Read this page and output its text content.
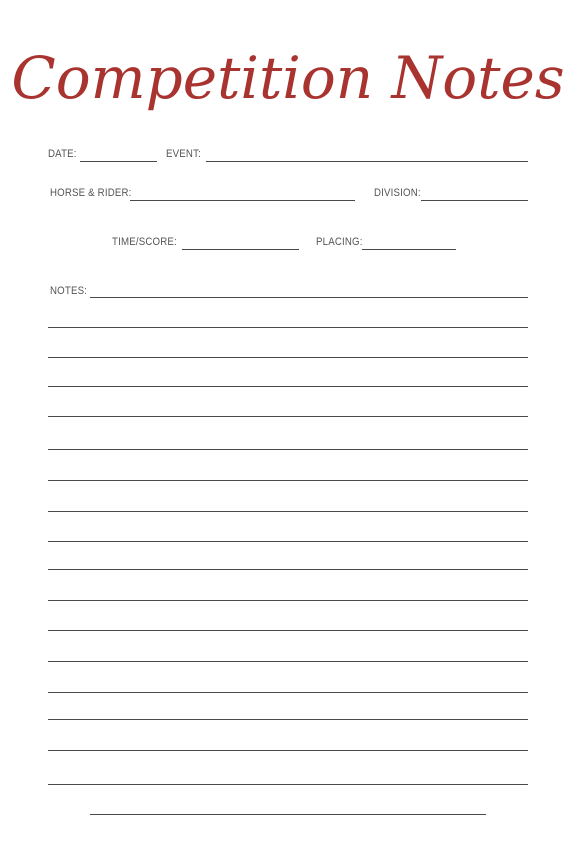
Competition Notes
DATE:	EVENT:
HORSE & RIDER:	DIVISION:
TIME/SCORE:	PLACING:
NOTES:
